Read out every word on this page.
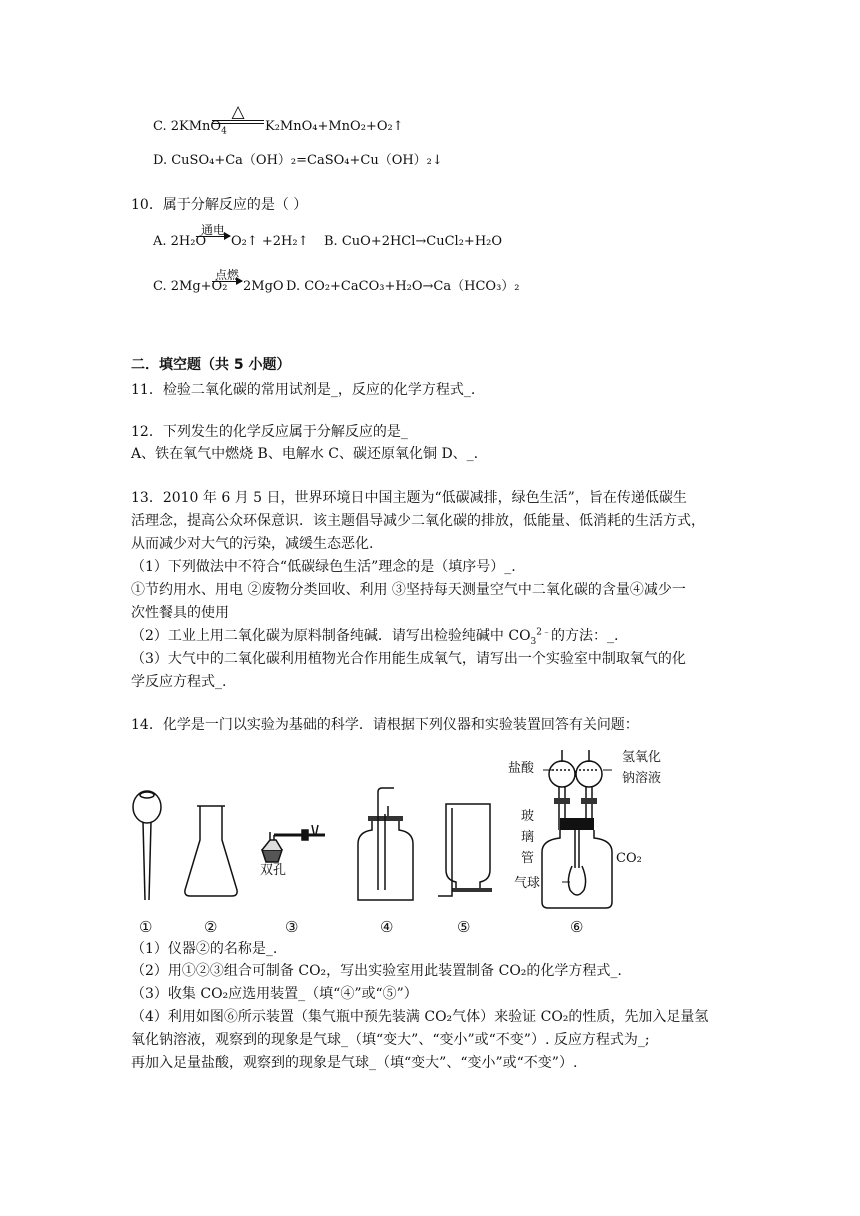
C. 2KMnO$_4$
△
K₂MnO₄+MnO₂+O₂↑
D. CuSO₄+Ca（OH）₂=CaSO₄+Cu（OH）₂↓
10．属于分解反应的是（ ）
A. 2H₂O
通电
O₂↑ +2H₂↑ B. CuO+2HCl→CuCl₂+H₂O
C. 2Mg+O₂
点燃
2MgO D. CO₂+CaCO₃+H₂O→Ca（HCO₃）₂
二．填空题（共 5 小题）
11．检验二氧化碳的常用试剂是_，反应的化学方程式_.
12．下列发生的化学反应属于分解反应的是_
A、铁在氧气中燃烧 B、电解水 C、碳还原氧化铜 D、_.
13．2010 年 6 月 5 日，世界环境日中国主题为“低碳减排，绿色生活”，旨在传递低碳生
活理念，提高公众环保意识．该主题倡导减少二氧化碳的排放，低能量、低消耗的生活方式，
从而减少对大气的污染，减缓生态恶化.
（1）下列做法中不符合“低碳绿色生活”理念的是（填序号）_.
①节约用水、用电 ②废物分类回收、利用 ③坚持每天测量空气中二氧化碳的含量④减少一
次性餐具的使用
（2）工业上用二氧化碳为原料制备纯碱．请写出检验纯碱中 $CO_3^{2﹣}$的方法：_.
（3）大气中的二氧化碳利用植物光合作用能生成氧气，请写出一个实验室中制取氧气的化
学反应方程式_.
14．化学是一门以实验为基础的科学．请根据下列仪器和实验装置回答有关问题：
盐酸
氢氧化
钠溶液
玻
璃
管
气球
CO₂
双孔
①	②	③	④	⑤	⑥
（1）仪器②的名称是_.
（2）用①②③组合可制备 CO₂，写出实验室用此装置制备 CO₂的化学方程式_.
（3）收集 CO₂应选用装置_（填“④”或“⑤”）
（4）利用如图⑥所示装置（集气瓶中预先装满 CO₂气体）来验证 CO₂的性质，先加入足量氢
氧化钠溶液，观察到的现象是气球_（填“变大”、“变小”或“不变”）. 反应方程式为_;
再加入足量盐酸，观察到的现象是气球_（填“变大”、“变小”或“不变”）.
